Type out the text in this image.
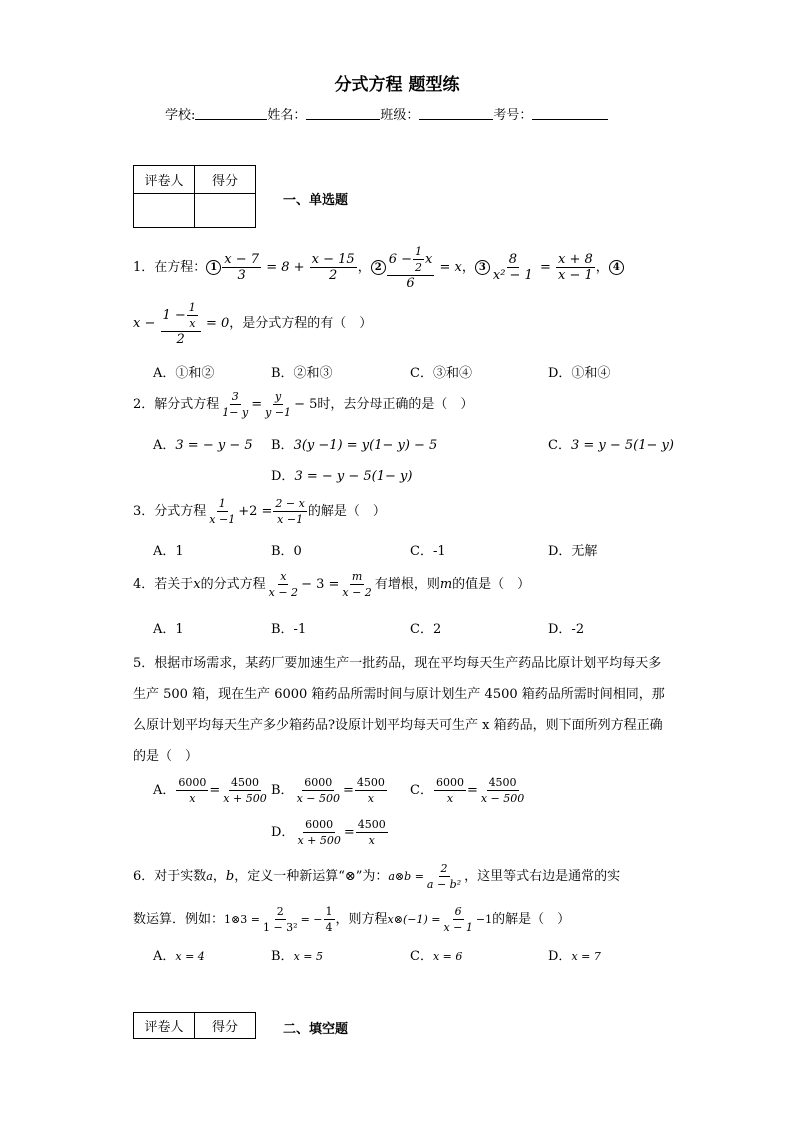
分式方程 题型练
学校:	姓名：	班级：	考号：
评卷人	得分

一、单选题
1．在方程： $1 \frac{x - 7}{3} = 8 + \frac{x - 15}{2}$ ， $2 \frac{6 - \frac{1}{2} x}{6} = x$， $3 \frac{8}{\text{x² − 1}} = \frac{x + 8}{x - 1}$ ， 4
$x - \frac{1 - \frac{1}{x}}{2} = 0$，是分式方程的有（　）
A．①和②	B．②和③	C．③和④	D．①和④
2．解分式方程 $\frac{3}{1- y} = \frac{y}{y -1} - 5$时，去分母正确的是（　）
A．3 = − y − 5 B．3(y −1) = y(1− y) − 5	C．3 = y − 5(1− y)
D．3 = − y − 5(1− y)
3．分式方程 $\frac{1}{x -1} +2 = \frac{2 - x}{x -1}$ 的解是（　）
A．1	B．0	C．-1	D．无解
4．若关于x的分式方程 $\frac{x}{x - 2} - 3 = \frac{m}{x - 2}$ 有增根，则m的值是（　）
A．1	B．-1	C．2	D．-2
5．根据市场需求，某药厂要加速生产一批药品，现在平均每天生产药品比原计划平均每天多生产 500 箱，现在生产 6000 箱药品所需时间与原计划生产 4500 箱药品所需时间相同，那么原计划平均每天生产多少箱药品?设原计划平均每天可生产 x 箱药品，则下面所列方程正确的是（　）
A． $\frac{6000}{x} = \frac{4500}{x + 500}$ B． $\frac{6000}{x - 500} = \frac{4500}{x}$ C． $\frac{6000}{x} = \frac{4500}{x - 500}$
D． $\frac{6000}{x + 500} = \frac{4500}{x}$
6．对于实数a，b，定义一种新运算“⊗”为：a⊗b = $\frac{2}{\text{a − b²}}$ ，这里等式右边是通常的实
数运算．例如：1⊗3 = $\frac{2}{\text{1 − 3²}}$ = − $\frac{1}{4}$ ，则方程x⊗(−1) = $\frac{6}{x - 1} -1$的解是（　）
A．x = 4	B．x = 5	C．x = 6	D．x = 7
评卷人	得分	二、填空题
